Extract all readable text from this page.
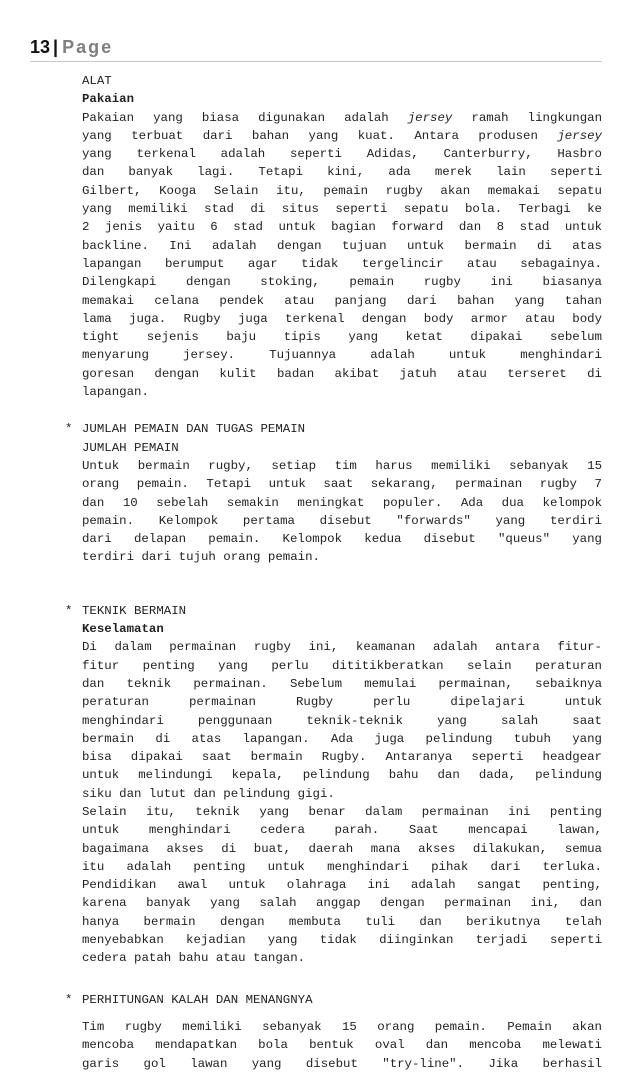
13 | Page
ALAT
Pakaian
Pakaian yang biasa digunakan adalah jersey ramah lingkungan
yang terbuat dari bahan yang kuat. Antara produsen jersey
yang terkenal adalah seperti Adidas, Canterburry, Hasbro
dan banyak lagi. Tetapi kini, ada merek lain seperti
Gilbert, Kooga Selain itu, pemain rugby akan memakai sepatu
yang memiliki stad di situs seperti sepatu bola. Terbagi ke
2 jenis yaitu 6 stad untuk bagian forward dan 8 stad untuk
backline. Ini adalah dengan tujuan untuk bermain di atas
lapangan berumput agar tidak tergelincir atau sebagainya.
Dilengkapi dengan stoking, pemain rugby ini biasanya
memakai celana pendek atau panjang dari bahan yang tahan
lama juga. Rugby juga terkenal dengan body armor atau body
tight sejenis baju tipis yang ketat dipakai sebelum
menyarung jersey. Tujuannya adalah untuk menghindari
goresan dengan kulit badan akibat jatuh atau terseret di
lapangan.
JUMLAH PEMAIN DAN TUGAS PEMAIN
*
JUMLAH PEMAIN
Untuk bermain rugby, setiap tim harus memiliki sebanyak 15
orang pemain. Tetapi untuk saat sekarang, permainan rugby 7
dan 10 sebelah semakin meningkat populer. Ada dua kelompok
pemain. Kelompok pertama disebut "forwards" yang terdiri
dari delapan pemain. Kelompok kedua disebut "queus" yang
terdiri dari tujuh orang pemain.
TEKNIK BERMAIN
*
Keselamatan
Di dalam permainan rugby ini, keamanan adalah antara fitur-
fitur penting yang perlu dititikberatkan selain peraturan
dan teknik permainan. Sebelum memulai permainan, sebaiknya
peraturan permainan Rugby perlu dipelajari untuk
menghindari penggunaan teknik-teknik yang salah saat
bermain di atas lapangan. Ada juga pelindung tubuh yang
bisa dipakai saat bermain Rugby. Antaranya seperti headgear
untuk melindungi kepala, pelindung bahu dan dada, pelindung
siku dan lutut dan pelindung gigi.
Selain itu, teknik yang benar dalam permainan ini penting
untuk menghindari cedera parah. Saat mencapai lawan,
bagaimana akses di buat, daerah mana akses dilakukan, semua
itu adalah penting untuk menghindari pihak dari terluka.
Pendidikan awal untuk olahraga ini adalah sangat penting,
karena banyak yang salah anggap dengan permainan ini, dan
hanya bermain dengan membuta tuli dan berikutnya telah
menyebabkan kejadian yang tidak diinginkan terjadi seperti
cedera patah bahu atau tangan.
PERHITUNGAN KALAH DAN MENANGNYA
*
Tim rugby memiliki sebanyak 15 orang pemain. Pemain akan
mencoba mendapatkan bola bentuk oval dan mencoba melewati
garis gol lawan yang disebut "try-line". Jika berhasil
